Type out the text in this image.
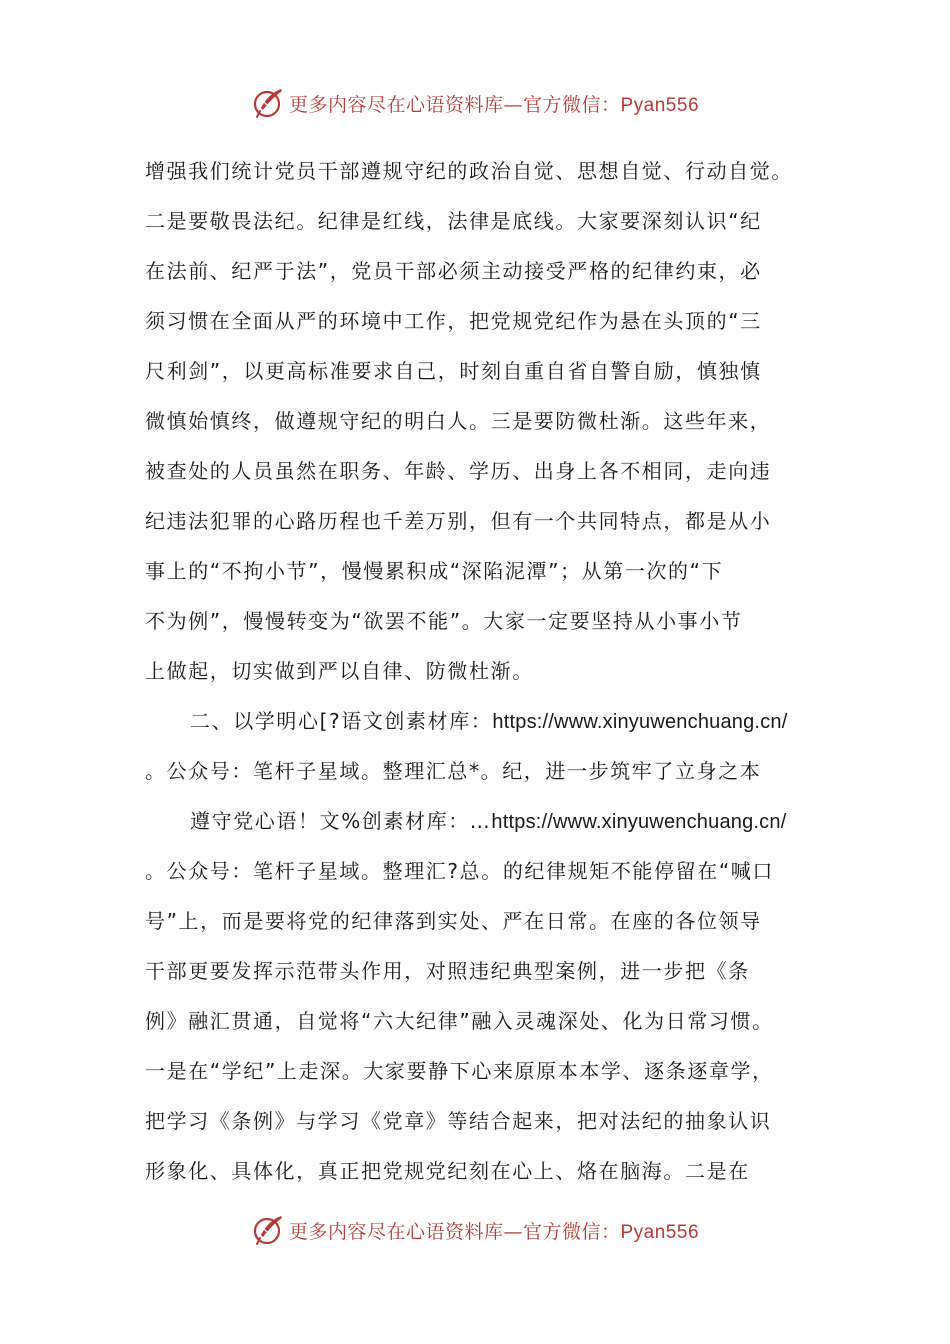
更多内容尽在心语资料库—官方微信：Pyan556
增强我们统计党员干部遵规守纪的政治自觉、思想自觉、行动自觉。
二是要敬畏法纪。纪律是红线，法律是底线。大家要深刻认识“纪
在法前、纪严于法”，党员干部必须主动接受严格的纪律约束，必
须习惯在全面从严的环境中工作，把党规党纪作为悬在头顶的“三
尺利剑”，以更高标准要求自己，时刻自重自省自警自励，慎独慎
微慎始慎终，做遵规守纪的明白人。三是要防微杜渐。这些年来，
被查处的人员虽然在职务、年龄、学历、出身上各不相同，走向违
纪违法犯罪的心路历程也千差万别，但有一个共同特点，都是从小
事上的“不拘小节”，慢慢累积成“深陷泥潭”；从第一次的“下
不为例”，慢慢转变为“欲罢不能”。大家一定要坚持从小事小节
上做起，切实做到严以自律、防微杜渐。
二、以学明心[?语文创素材库：https://www.xinyuwenchuang.cn/
。公众号：笔杆子星域。整理汇总*。纪，进一步筑牢了立身之本
遵守党心语！文%创素材库：…https://www.xinyuwenchuang.cn/
。公众号：笔杆子星域。整理汇?总。的纪律规矩不能停留在“喊口
号”上，而是要将党的纪律落到实处、严在日常。在座的各位领导
干部更要发挥示范带头作用，对照违纪典型案例，进一步把《条
例》融汇贯通，自觉将“六大纪律”融入灵魂深处、化为日常习惯。
一是在“学纪”上走深。大家要静下心来原原本本学、逐条逐章学，
把学习《条例》与学习《党章》等结合起来，把对法纪的抽象认识
形象化、具体化，真正把党规党纪刻在心上、烙在脑海。二是在
更多内容尽在心语资料库—官方微信：Pyan556
